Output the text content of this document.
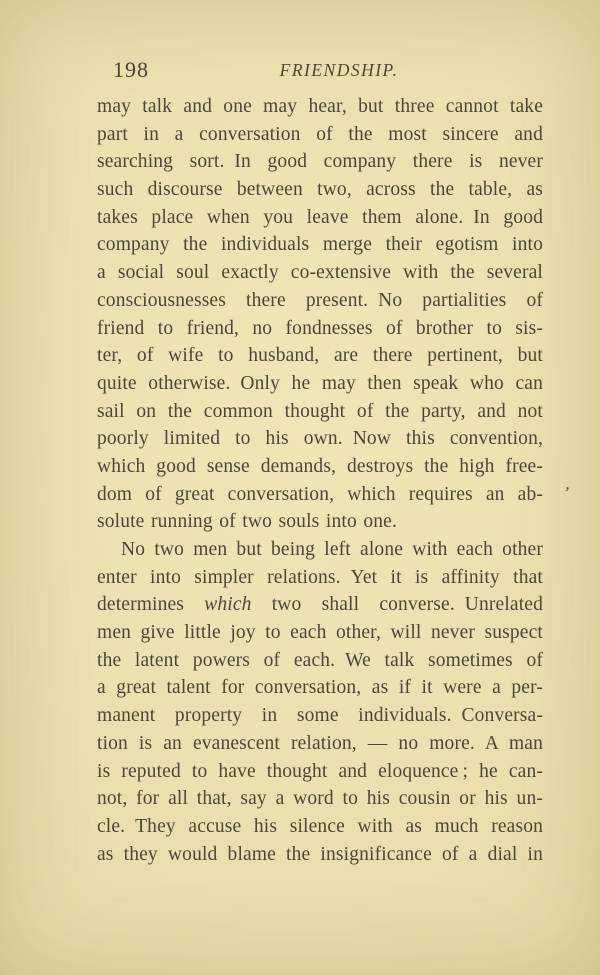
198	FRIENDSHIP.
may talk and one may hear, but three cannot take
part in a conversation of the most sincere and
searching sort. In good company there is never
such discourse between two, across the table, as
takes place when you leave them alone. In good
company the individuals merge their egotism into
a social soul exactly co-extensive with the several
consciousnesses there present. No partialities of
friend to friend, no fondnesses of brother to sis-
ter, of wife to husband, are there pertinent, but
quite otherwise. Only he may then speak who can
sail on the common thought of the party, and not
poorly limited to his own. Now this convention,
which good sense demands, destroys the high free-
dom of great conversation, which requires an ab-
solute running of two souls into one.
No two men but being left alone with each other
enter into simpler relations. Yet it is affinity that
determines which two shall converse. Unrelated
men give little joy to each other, will never suspect
the latent powers of each. We talk sometimes of
a great talent for conversation, as if it were a per-
manent property in some individuals. Conversa-
tion is an evanescent relation, — no more. A man
is reputed to have thought and eloquence ; he can-
not, for all that, say a word to his cousin or his un-
cle. They accuse his silence with as much reason
as they would blame the insignificance of a dial in
,
